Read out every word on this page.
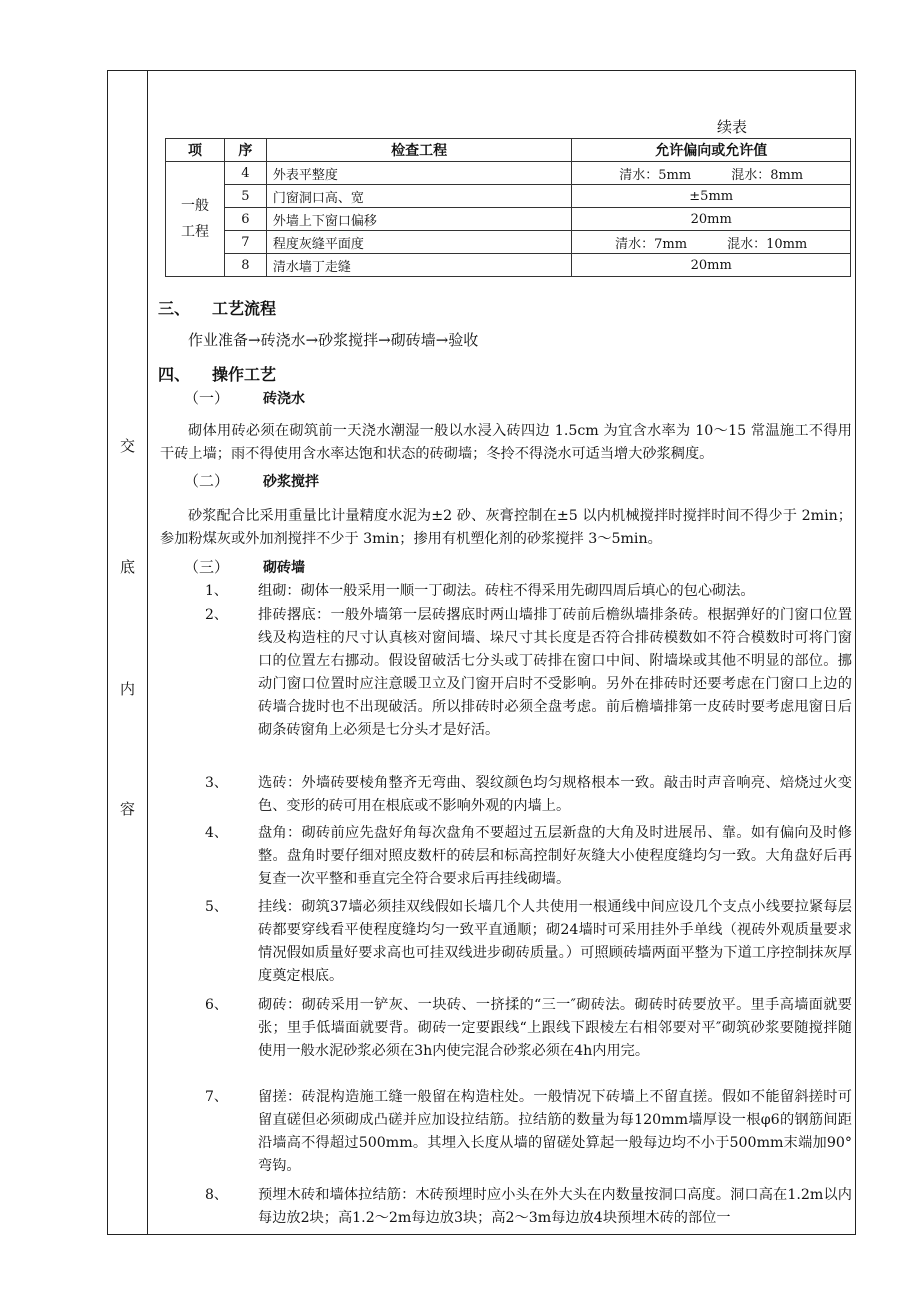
交
底
内
容
续表
项	序	检查工程	允许偏向或允许值
一般
工程	4	外表平整度	清水：5mm 混水：8mm
	5	门窗洞口高、宽	±5mm
	6	外墙上下窗口偏移	20mm
	7	程度灰缝平面度	清水：7mm 混水：10mm
	8	清水墙丁走缝	20mm
三、 工艺流程
作业准备→砖浇水→砂浆搅拌→砌砖墙→验收
四、 操作工艺
（一） 砖浇水
砌体用砖必须在砌筑前一天浇水潮湿一般以水浸入砖四边 1.5cm 为宜含水率为 10～15 常温施工不得用干砖上墙；雨不得使用含水率达饱和状态的砖砌墙；冬拎不得浇水可适当增大砂浆稠度。
（二） 砂浆搅拌
砂浆配合比采用重量比计量精度水泥为±2 砂、灰膏控制在±5 以内机械搅拌时搅拌时间不得少于 2min；参加粉煤灰或外加剂搅拌不少于 3min；掺用有机塑化剂的砂浆搅拌 3～5min。
（三） 砌砖墙
1、 组砌：砌体一般采用一顺一丁砌法。砖柱不得采用先砌四周后填心的包心砌法。
2、 排砖撂底：一般外墙第一层砖撂底时两山墙排丁砖前后檐纵墙排条砖。根据弹好的门窗口位置线及构造柱的尺寸认真核对窗间墙、垛尺寸其长度是否符合排砖模数如不符合模数时可将门窗口的位置左右挪动。假设留破活七分头或丁砖排在窗口中间、附墙垛或其他不明显的部位。挪动门窗口位置时应注意暖卫立及门窗开启时不受影响。另外在排砖时还要考虑在门窗口上边的砖墙合拢时也不出现破活。所以排砖时必须全盘考虑。前后檐墙排第一皮砖时要考虑甩窗日后砌条砖窗角上必须是七分头才是好活。
3、 选砖：外墙砖要棱角整齐无弯曲、裂纹颜色均匀规格根本一致。敲击时声音响亮、焙烧过火变色、变形的砖可用在根底或不影响外观的内墙上。
4、 盘角：砌砖前应先盘好角每次盘角不要超过五层新盘的大角及时进展吊、靠。如有偏向及时修整。盘角时要仔细对照皮数杆的砖层和标高控制好灰缝大小使程度缝均匀一致。大角盘好后再复查一次平整和垂直完全符合要求后再挂线砌墙。
5、 挂线：砌筑37墙必须挂双线假如长墙几个人共使用一根通线中间应设几个支点小线要拉紧每层砖都要穿线看平使程度缝均匀一致平直通顺；砌24墙时可采用挂外手单线（视砖外观质量要求情况假如质量好要求高也可挂双线进步砌砖质量。）可照顾砖墙两面平整为下道工序控制抹灰厚度奠定根底。
6、 砌砖：砌砖采用一铲灰、一块砖、一挤揉的“三一″砌砖法。砌砖时砖要放平。里手高墙面就要张；里手低墙面就要背。砌砖一定要跟线“上跟线下跟棱左右相邻要对平″砌筑砂浆要随搅拌随使用一般水泥砂浆必须在3h内使完混合砂浆必须在4h内用完。
7、 留搓：砖混构造施工缝一般留在构造柱处。一般情况下砖墙上不留直搓。假如不能留斜搓时可留直磋但必须砌成凸磋并应加设拉结筋。拉结筋的数量为每120mm墙厚设一根φ6的钢筋间距沿墙高不得超过500mm。其埋入长度从墙的留磋处算起一般每边均不小于500mm末端加90°弯钩。
8、 预埋木砖和墙体拉结筋：木砖预埋时应小头在外大头在内数量按洞口高度。洞口高在1.2m以内每边放2块；高1.2～2m每边放3块；高2～3m每边放4块预埋木砖的部位一
